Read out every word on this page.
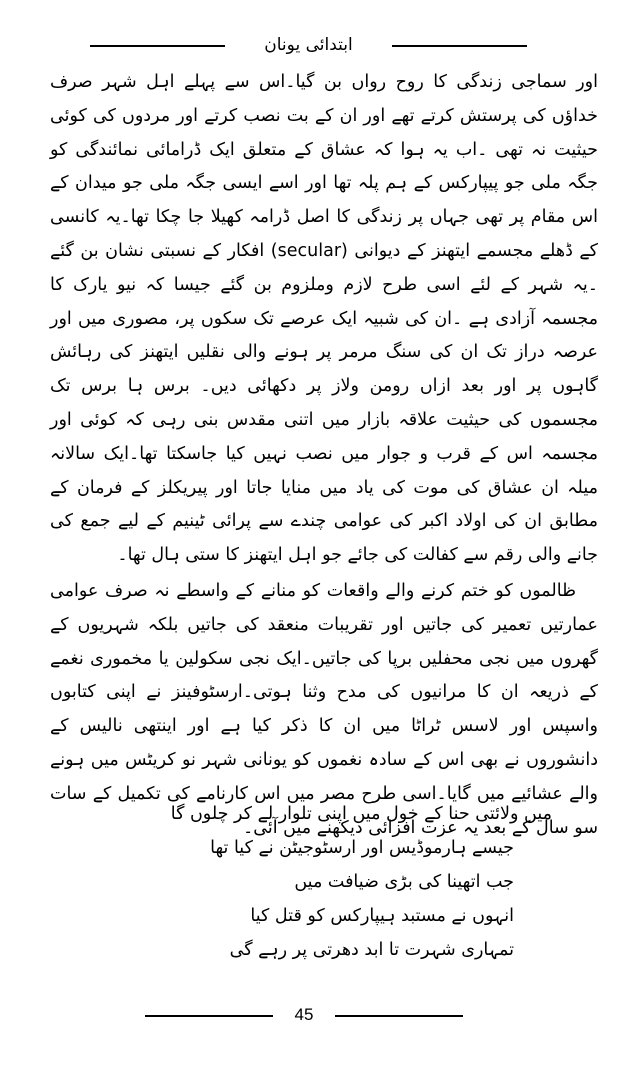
ابتدائی یونان

اور سماجی زندگی کا روح رواں بن گیا۔اس سے پہلے اہل شہر صرف خداؤں کی پرستش کرتے تھے اور ان کے بت نصب کرتے اور مردوں کی کوئی حیثیت نہ تھی ۔اب یہ ہوا کہ عشاق کے متعلق ایک ڈرامائی نمائندگی کو جگہ ملی جو پیپارکس کے ہم پلہ تھا اور اسے ایسی جگہ ملی جو میدان کے اس مقام پر تھی جہاں پر زندگی کا اصل ڈرامہ کھیلا جا چکا تھا۔یہ کانسی کے ڈھلے مجسمے ایتھنز کے دیوانی (secular) افکار کے نسبتی نشان بن گئے ۔یہ شہر کے لئے اسی طرح لازم وملزوم بن گئے جیسا کہ نیو یارک کا مجسمہ آزادی ہے ۔ان کی شبیہ ایک عرصے تک سکوں پر، مصوری میں اور عرصہ دراز تک ان کی سنگ مرمر پر ہونے والی نقلیں ایتھنز کی رہائش گاہوں پر اور بعد ازاں رومن ولاز پر دکھائی دیں۔ برس ہا برس تک مجسموں کی حیثیت علاقہ بازار میں اتنی مقدس بنی رہی کہ کوئی اور مجسمہ اس کے قرب و جوار میں نصب نہیں کیا جاسکتا تھا۔ایک سالانہ میلہ ان عشاق کی موت کی یاد میں منایا جاتا اور پیریکلز کے فرمان کے مطابق ان کی اولاد اکبر کی عوامی چندے سے پرائی ٹینیم کے لیے جمع کی جانے والی رقم سے کفالت کی جائے جو اہل ایتھنز کا ستی ہال تھا۔

ظالموں کو ختم کرنے والے واقعات کو منانے کے واسطے نہ صرف عوامی عمارتیں تعمیر کی جاتیں اور تقریبات منعقد کی جاتیں بلکہ شہریوں کے گھروں میں نجی محفلیں برپا کی جاتیں۔ایک نجی سکولین یا مخموری نغمے کے ذریعہ ان کا مرانیوں کی مدح وثنا ہوتی۔ارسٹوفینز نے اپنی کتابوں واسپس اور لاسس ٹراٹا میں ان کا ذکر کیا ہے اور اینتھی نالیس کے دانشوروں نے بھی اس کے سادہ نغموں کو یونانی شہر نو کریٹس میں ہونے والے عشائیے میں گایا۔اسی طرح مصر میں اس کارنامے کی تکمیل کے سات سو سال کے بعد یہ عزت افزائی دیکھنے میں آئی۔

میں ولائتی حنا کے خول میں اپنی تلوار لے کر چلوں گا
جیسے ہارموڈیس اور ارسٹوجیٹن نے کیا تھا
جب اتھینا کی بڑی ضیافت میں
انہوں نے مستبد ہیپارکس کو قتل کیا
تمہاری شہرت تا ابد دھرتی پر رہے گی
45
